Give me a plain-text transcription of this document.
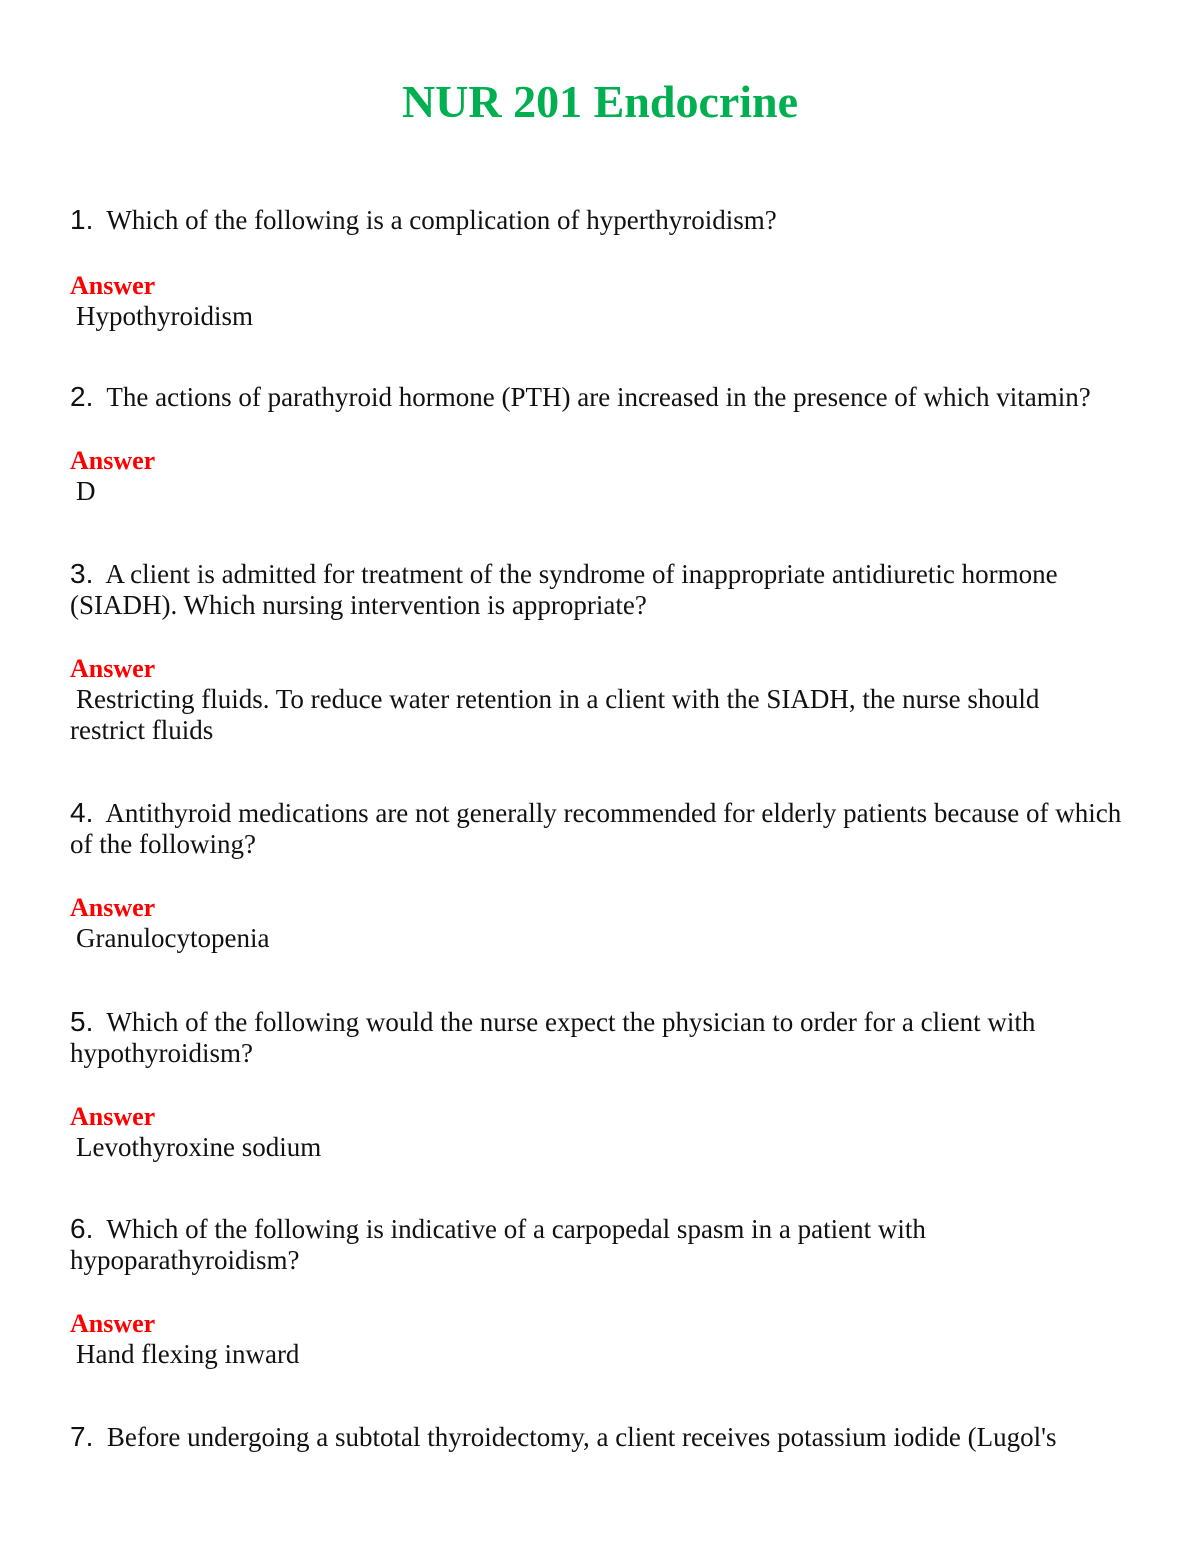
NUR 201 Endocrine

1. Which of the following is a complication of hyperthyroidism?

Answer

Hypothyroidism

2. The actions of parathyroid hormone (PTH) are increased in the presence of which vitamin?

Answer

D

3. A client is admitted for treatment of the syndrome of inappropriate antidiuretic hormone (SIADH). Which nursing intervention is appropriate?

Answer

Restricting fluids. To reduce water retention in a client with the SIADH, the nurse should

restrict fluids

4. Antithyroid medications are not generally recommended for elderly patients because of which of the following?

Answer

Granulocytopenia

5. Which of the following would the nurse expect the physician to order for a client with hypothyroidism?

Answer

Levothyroxine sodium

6. Which of the following is indicative of a carpopedal spasm in a patient with hypoparathyroidism?

Answer

Hand flexing inward

7. Before undergoing a subtotal thyroidectomy, a client receives potassium iodide (Lugol's
